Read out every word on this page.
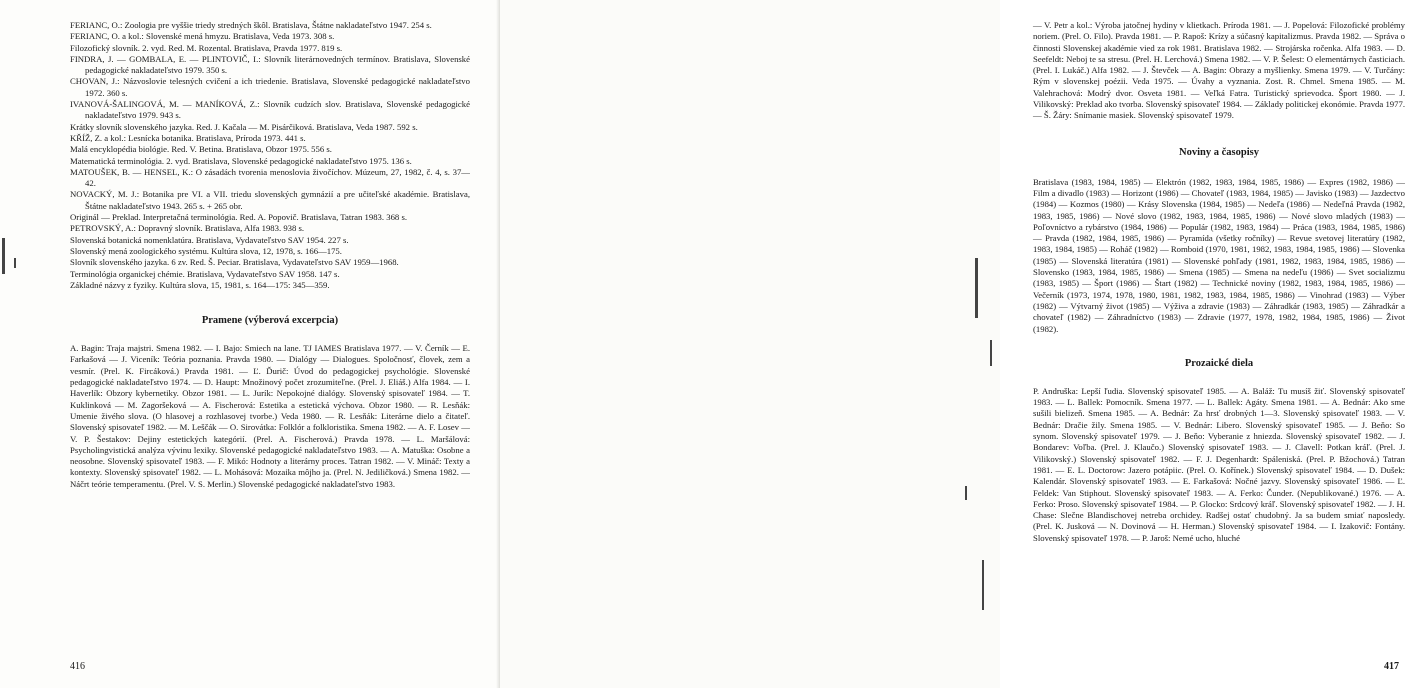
FERIANC, O.: Zoologia pre vyššie triedy stredných škôl. Bratislava, Štátne nakladateľstvo 1947. 254 s.

FERIANC, O. a kol.: Slovenské mená hmyzu. Bratislava, Veda 1973. 308 s.

Filozofický slovník. 2. vyd. Red. M. Rozental. Bratislava, Pravda 1977. 819 s.

FINDRA, J. — GOMBALA, E. — PLINTOVIČ, I.: Slovník literárnovedných termínov. Bratislava, Slovenské pedagogické nakladateľstvo 1979. 350 s.

CHOVAN, J.: Názvoslovie telesných cvičení a ich triedenie. Bratislava, Slovenské pedagogické nakladateľstvo 1972. 360 s.

IVANOVÁ-ŠALINGOVÁ, M. — MANÍKOVÁ, Z.: Slovník cudzích slov. Bratislava, Slovenské pedagogické nakladateľstvo 1979. 943 s.

Krátky slovník slovenského jazyka. Red. J. Kačala — M. Pisárčiková. Bratislava, Veda 1987. 592 s.

KŘÍŽ, Z. a kol.: Lesnícka botanika. Bratislava, Príroda 1973. 441 s.

Malá encyklopédia biológie. Red. V. Betina. Bratislava, Obzor 1975. 556 s.

Matematická terminológia. 2. vyd. Bratislava, Slovenské pedagogické nakladateľstvo 1975. 136 s.

MATOUŠEK, B. — HENSEL, K.: O zásadách tvorenia menoslovia živočíchov. Múzeum, 27, 1982, č. 4, s. 37—42.

NOVACKÝ, M. J.: Botanika pre VI. a VII. triedu slovenských gymnázií a pre učiteľské akadémie. Bratislava, Štátne nakladateľstvo 1943. 265 s. + 265 obr.

Originál — Preklad. Interpretačná terminológia. Red. A. Popovič. Bratislava, Tatran 1983. 368 s.

PETROVSKÝ, A.: Dopravný slovník. Bratislava, Alfa 1983. 938 s.

Slovenská botanická nomenklatúra. Bratislava, Vydavateľstvo SAV 1954. 227 s.

Slovenský mená zoologického systému. Kultúra slova, 12, 1978, s. 166—175.

Slovník slovenského jazyka. 6 zv. Red. Š. Peciar. Bratislava, Vydavateľstvo SAV 1959—1968.

Terminológia organickej chémie. Bratislava, Vydavateľstvo SAV 1958. 147 s.

Základné názvy z fyziky. Kultúra slova, 15, 1981, s. 164—175: 345—359.

Pramene (výberová excerpcia)

A. Bagin: Traja majstri. Smena 1982. — I. Bajo: Smiech na lane. TJ IAMES Bratislava 1977. — V. Černík — E. Farkašová — J. Viceník: Teória poznania. Pravda 1980. — Dialógy — Dialogues. Spoločnosť, človek, zem a vesmír. (Prel. K. Fircáková.) Pravda 1981. — Ľ. Ďurič: Úvod do pedagogickej psychológie. Slovenské pedagogické nakladateľstvo 1974. — D. Haupt: Množinový počet zrozumiteľne. (Prel. J. Eliáš.) Alfa 1984. — I. Haverlík: Obzory kybernetiky. Obzor 1981. — L. Jurík: Nepokojné dialógy. Slovenský spisovateľ 1984. — T. Kuklinková — M. Zagoršeková — A. Fischerová: Estetika a estetická výchova. Obzor 1980. — R. Lesňák: Umenie živého slova. (O hlasovej a rozhlasovej tvorbe.) Veda 1980. — R. Lesňák: Literárne dielo a čitateľ. Slovenský spisovateľ 1982. — M. Leščák — O. Sirovátka: Folklór a folkloristika. Smena 1982. — A. F. Losev — V. P. Šestakov: Dejiny estetických kategórií. (Prel. A. Fischerová.) Pravda 1978. — L. Maršálová: Psycholingvistická analýza vývinu lexiky. Slovenské pedagogické nakladateľstvo 1983. — A. Matuška: Osobne a neosobne. Slovenský spisovateľ 1983. — F. Mikó: Hodnoty a literárny proces. Tatran 1982. — V. Mináč: Texty a kontexty. Slovenský spisovateľ 1982. — L. Mohásová: Mozaika môjho ja. (Prel. N. Jediličková.) Smena 1982. — Náčrt teórie temperamentu. (Prel. V. S. Merlin.) Slovenské pedagogické nakladateľstvo 1983.

416

— V. Petr a kol.: Výroba jatočnej hydiny v klietkach. Príroda 1981. — J. Popelová: Filozofické problémy noriem. (Prel. O. Filo). Pravda 1981. — P. Rapoš: Krízy a súčasný kapitalizmus. Pravda 1982. — Správa o činnosti Slovenskej akadémie vied za rok 1981. Bratislava 1982. — Strojárska ročenka. Alfa 1983. — D. Seefeldt: Neboj te sa stresu. (Prel. H. Lerchová.) Smena 1982. — V. P. Šelest: O elementárnych časticiach. (Prel. I. Lukáč.) Alfa 1982. — J. Števček — A. Bagin: Obrazy a myšlienky. Smena 1979. — V. Turčány: Rým v slovenskej poézii. Veda 1975. — Úvahy a vyznania. Zost. R. Chmel. Smena 1985. — M. Valehrachová: Modrý dvor. Osveta 1981. — Veľká Fatra. Turistický sprievodca. Šport 1980. — J. Vilikovský: Preklad ako tvorba. Slovenský spisovateľ 1984. — Základy politickej ekonómie. Pravda 1977. — Š. Žáry: Snímanie masiek. Slovenský spisovateľ 1979.

Noviny a časopisy

Bratislava (1983, 1984, 1985) — Elektrón (1982, 1983, 1984, 1985, 1986) — Expres (1982, 1986) — Film a divadlo (1983) — Horizont (1986) — Chovateľ (1983, 1984, 1985) — Javisko (1983) — Jazdectvo (1984) — Kozmos (1980) — Krásy Slovenska (1984, 1985) — Nedeľa (1986) — Nedeľná Pravda (1982, 1983, 1985, 1986) — Nové slovo (1982, 1983, 1984, 1985, 1986) — Nové slovo mladých (1983) — Poľovníctvo a rybárstvo (1984, 1986) — Populár (1982, 1983, 1984) — Práca (1983, 1984, 1985, 1986) — Pravda (1982, 1984, 1985, 1986) — Pyramída (všetky ročníky) — Revue svetovej literatúry (1982, 1983, 1984, 1985) — Roháč (1982) — Romboid (1970, 1981, 1982, 1983, 1984, 1985, 1986) — Slovenka (1985) — Slovenská literatúra (1981) — Slovenské pohľady (1981, 1982, 1983, 1984, 1985, 1986) — Slovensko (1983, 1984, 1985, 1986) — Smena (1985) — Smena na nedeľu (1986) — Svet socializmu (1983, 1985) — Šport (1986) — Štart (1982) — Technické noviny (1982, 1983, 1984, 1985, 1986) — Večerník (1973, 1974, 1978, 1980, 1981, 1982, 1983, 1984, 1985, 1986) — Vinohrad (1983) — Výber (1982) — Výtvarný život (1985) — Výživa a zdravie (1983) — Záhradkár (1983, 1985) — Záhradkár a chovateľ (1982) — Záhradníctvo (1983) — Zdravie (1977, 1978, 1982, 1984, 1985, 1986) — Život (1982).

Prozaické diela

P. Andruška: Lepší ľudia. Slovenský spisovateľ 1985. — A. Baláž: Tu musíš žiť. Slovenský spisovateľ 1983. — L. Ballek: Pomocník. Smena 1977. — L. Ballek: Agáty. Smena 1981. — A. Bednár: Ako sme sušili bielizeň. Smena 1985. — A. Bednár: Za hrsť drobných 1—3. Slovenský spisovateľ 1983. — V. Bednár: Dračie žily. Smena 1985. — V. Bednár: Libero. Slovenský spisovateľ 1985. — J. Beňo: So synom. Slovenský spisovateľ 1979. — J. Beňo: Vyberanie z hniezda. Slovenský spisovateľ 1982. — J. Bondarev: Voľba. (Prel. J. Klaučo.) Slovenský spisovateľ 1983. — J. Clavell: Potkan kráľ. (Prel. J. Vilikovský.) Slovenský spisovateľ 1982. — F. J. Degenhardt: Spáleniská. (Prel. P. Bžochová.) Tatran 1981. — E. L. Doctorow: Jazero potápiic. (Prel. O. Kořínek.) Slovenský spisovateľ 1984. — D. Dušek: Kalendár. Slovenský spisovateľ 1983. — E. Farkašová: Nočné jazvy. Slovenský spisovateľ 1986. — Ľ. Feldek: Van Stiphout. Slovenský spisovateľ 1983. — A. Ferko: Čunder. (Nepublikované.) 1976. — A. Ferko: Proso. Slovenský spisovateľ 1984. — P. Glocko: Srdcový kráľ. Slovenský spisovateľ 1982. — J. H. Chase: Slečne Blandischovej netreba orchidey. Radšej ostať chudobný. Ja sa budem smiať naposledy. (Prel. K. Jusková — N. Dovinová — H. Herman.) Slovenský spisovateľ 1984. — I. Izakovič: Fontány. Slovenský spisovateľ 1978. — P. Jaroš: Nemé ucho, hluché

417
